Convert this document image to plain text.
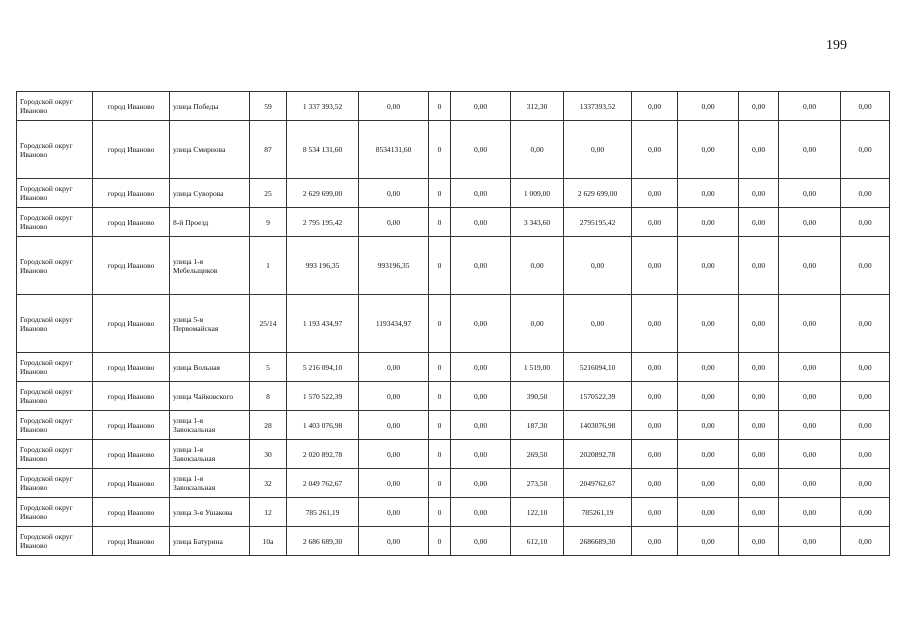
199
Городской округ Иваново	город Иваново	улица Победы	59	1 337 393,52	0,00	0	0,00	312,30	1337393,52	0,00	0,00	0,00	0,00	0,00
Городской округ Иваново	город Иваново	улица Смирнова	87	8 534 131,60	8534131,60	0	0,00	0,00	0,00	0,00	0,00	0,00	0,00	0,00
Городской округ Иваново	город Иваново	улица Суворова	25	2 629 699,00	0,00	0	0,00	1 009,00	2 629 699,00	0,00	0,00	0,00	0,00	0,00
Городской округ Иваново	город Иваново	8-й Проезд	9	2 795 195,42	0,00	0	0,00	3 343,60	2795195,42	0,00	0,00	0,00	0,00	0,00
Городской округ Иваново	город Иваново	улица 1-я Мебельщиков	1	993 196,35	993196,35	0	0,00	0,00	0,00	0,00	0,00	0,00	0,00	0,00
Городской округ Иваново	город Иваново	улица 5-я Первомайская	25/14	1 193 434,97	1193434,97	0	0,00	0,00	0,00	0,00	0,00	0,00	0,00	0,00
Городской округ Иваново	город Иваново	улица Вольная	5	5 216 094,10	0,00	0	0,00	1 519,00	5216094,10	0,00	0,00	0,00	0,00	0,00
Городской округ Иваново	город Иваново	улица Чайковского	8	1 570 522,39	0,00	0	0,00	390,50	1570522,39	0,00	0,00	0,00	0,00	0,00
Городской округ Иваново	город Иваново	улица 1-я Завокзальная	28	1 403 076,98	0,00	0	0,00	187,30	1403076,98	0,00	0,00	0,00	0,00	0,00
Городской округ Иваново	город Иваново	улица 1-я Завокзальная	30	2 020 892,78	0,00	0	0,00	269,50	2020892,78	0,00	0,00	0,00	0,00	0,00
Городской округ Иваново	город Иваново	улица 1-я Завокзальная	32	2 049 762,67	0,00	0	0,00	273,50	2049762,67	0,00	0,00	0,00	0,00	0,00
Городской округ Иваново	город Иваново	улица 3-я Ушакова	12	785 261,19	0,00	0	0,00	122,10	785261,19	0,00	0,00	0,00	0,00	0,00
Городской округ Иваново	город Иваново	улица Батурина	10а	2 686 689,30	0,00	0	0,00	612,10	2686689,30	0,00	0,00	0,00	0,00	0,00
